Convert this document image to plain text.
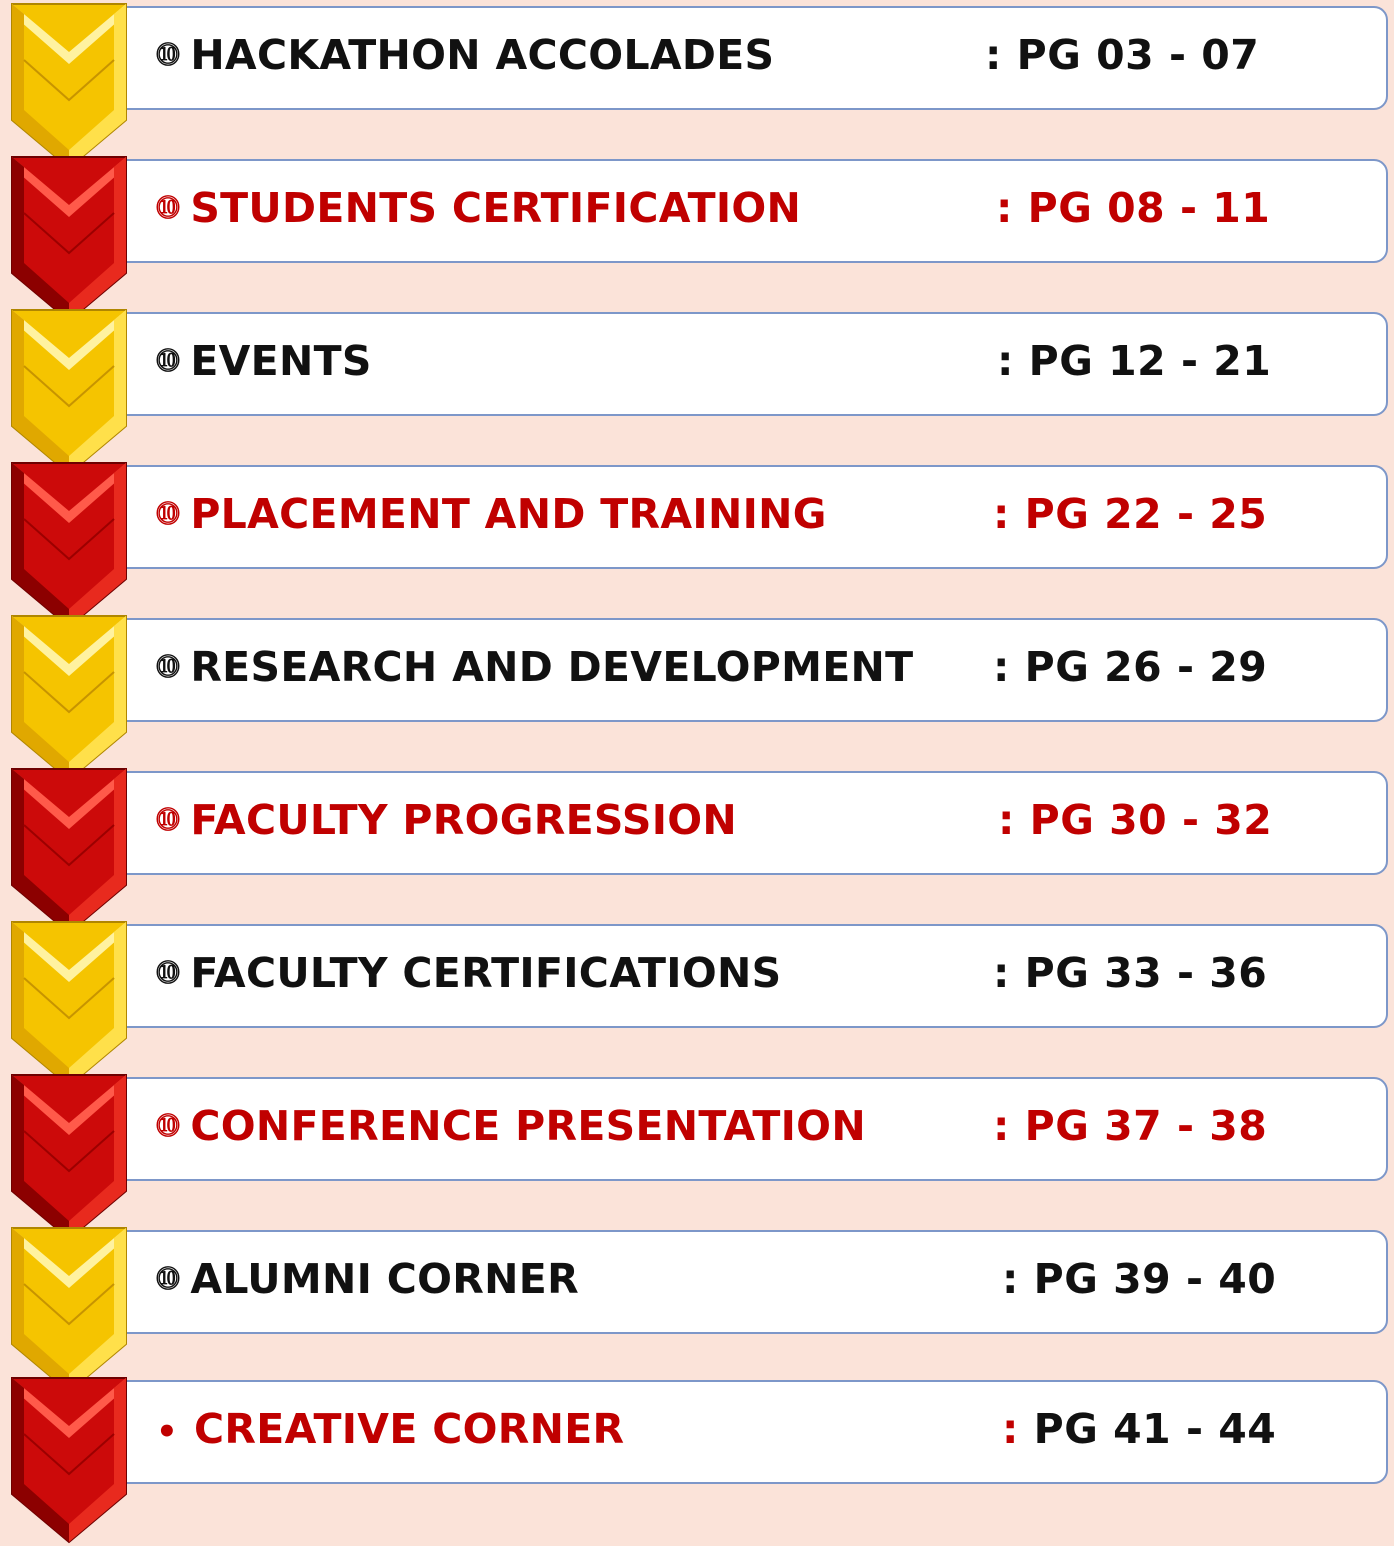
⓾ HACKATHON ACCOLADES	: PG 03 - 07
⓾ STUDENTS CERTIFICATION	: PG 08 - 11
⓾ EVENTS	: PG 12 - 21
⓾ PLACEMENT AND TRAINING	: PG 22 - 25
⓾ RESEARCH AND DEVELOPMENT : PG 26 - 29
⓾ FACULTY PROGRESSION	: PG 30 - 32
⓾ FACULTY CERTIFICATIONS	: PG 33 - 36
⓾ CONFERENCE PRESENTATION	: PG 37 - 38
⓾ ALUMNI CORNER	: PG 39 - 40
• CREATIVE CORNER	: PG 41 - 44
